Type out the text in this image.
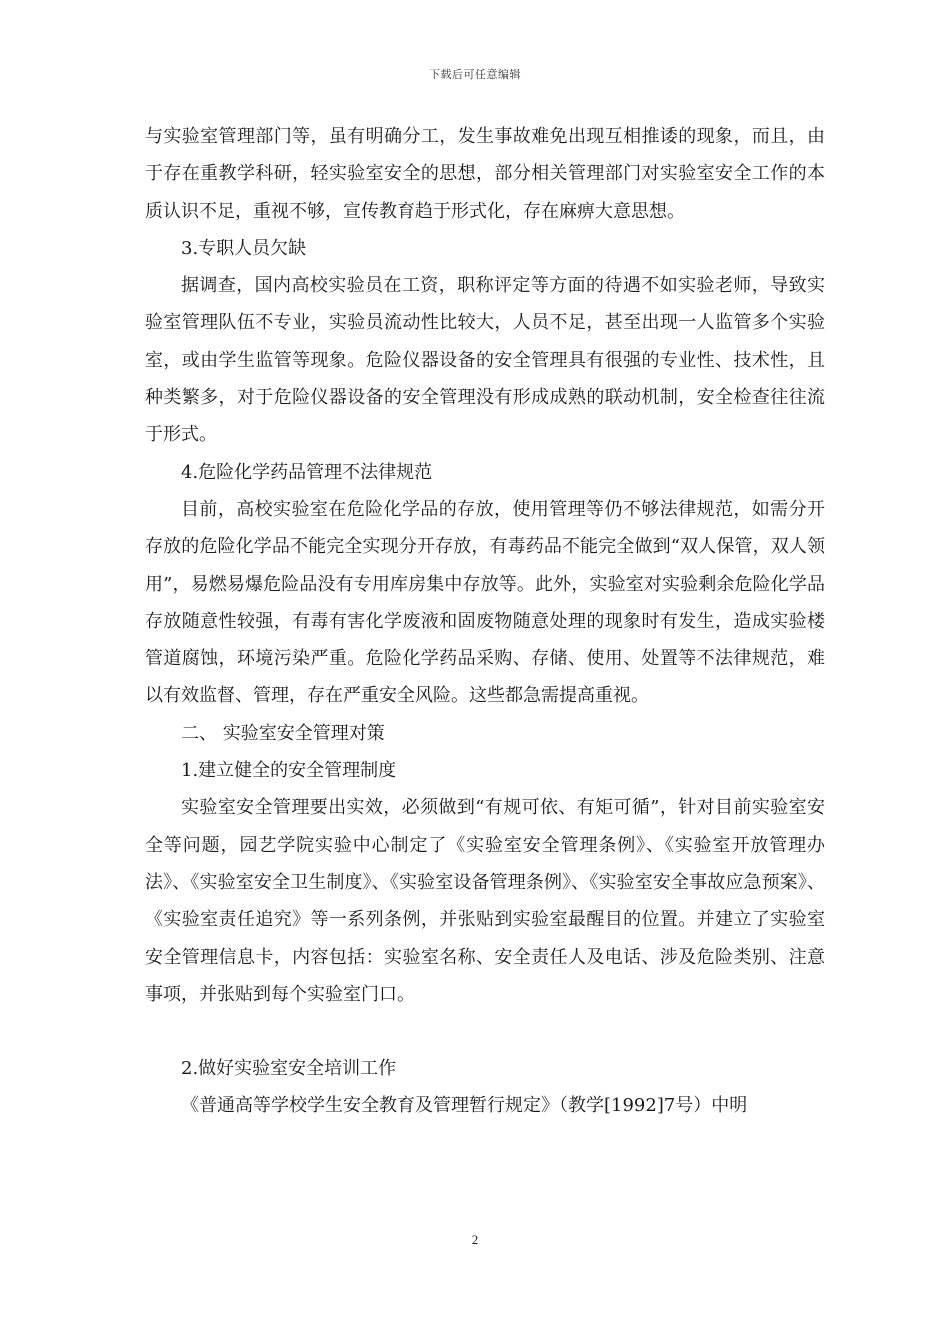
下载后可任意编辑

与实验室管理部门等，虽有明确分工，发生事故难免出现互相推诿的现象，而且，由于存在重教学科研，轻实验室安全的思想，部分相关管理部门对实验室安全工作的本质认识不足，重视不够，宣传教育趋于形式化，存在麻痹大意思想。

3.专职人员欠缺

据调查，国内高校实验员在工资，职称评定等方面的待遇不如实验老师，导致实验室管理队伍不专业，实验员流动性比较大，人员不足，甚至出现一人监管多个实验室，或由学生监管等现象。危险仪器设备的安全管理具有很强的专业性、技术性，且种类繁多，对于危险仪器设备的安全管理没有形成成熟的联动机制，安全检查往往流于形式。

4.危险化学药品管理不法律规范

目前，高校实验室在危险化学品的存放，使用管理等仍不够法律规范，如需分开存放的危险化学品不能完全实现分开存放，有毒药品不能完全做到“双人保管，双人领用”，易燃易爆危险品没有专用库房集中存放等。此外，实验室对实验剩余危险化学品存放随意性较强，有毒有害化学废液和固废物随意处理的现象时有发生，造成实验楼管道腐蚀，环境污染严重。危险化学药品采购、存储、使用、处置等不法律规范，难以有效监督、管理，存在严重安全风险。这些都急需提高重视。

二、 实验室安全管理对策

1.建立健全的安全管理制度

实验室安全管理要出实效，必须做到“有规可依、有矩可循”，针对目前实验室安全等问题，园艺学院实验中心制定了《实验室安全管理条例》、《实验室开放管理办法》、《实验室安全卫生制度》、《实验室设备管理条例》、《实验室安全事故应急预案》、《实验室责任追究》等一系列条例，并张贴到实验室最醒目的位置。并建立了实验室安全管理信息卡，内容包括：实验室名称、安全责任人及电话、涉及危险类别、注意事项，并张贴到每个实验室门口。

2.做好实验室安全培训工作

《普通高等学校学生安全教育及管理暂行规定》（教学[1992]7号）中明

2
